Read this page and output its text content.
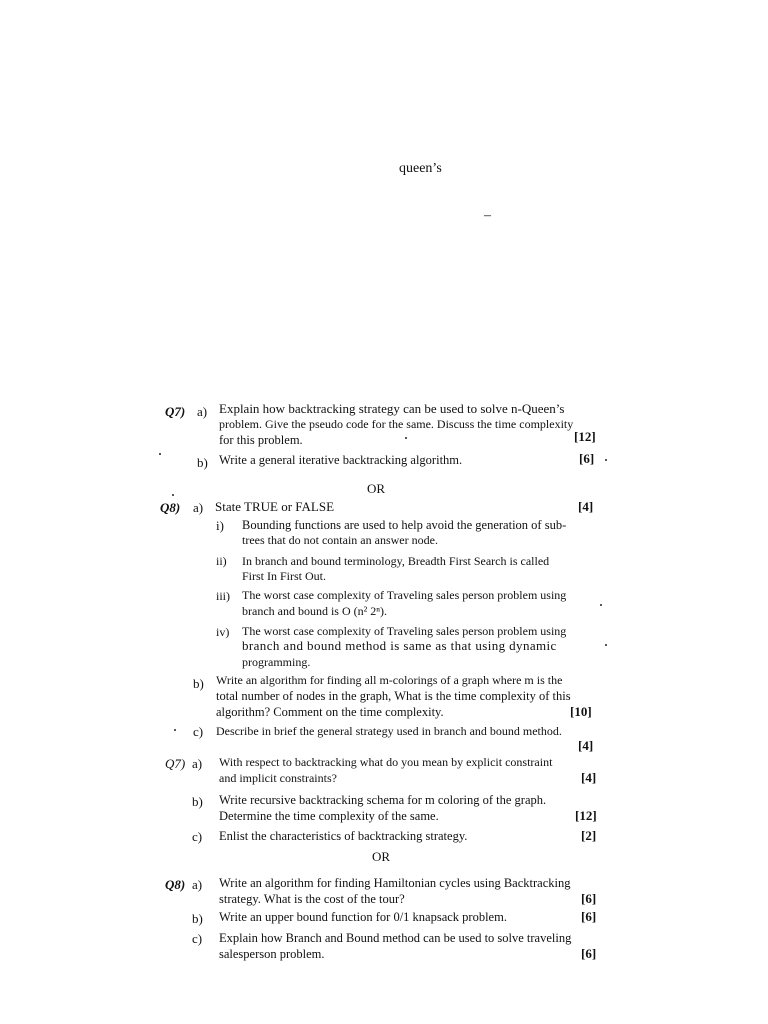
queen’s
–
Q7) a) Explain how backtracking strategy can be used to solve n-Queen’s
problem. Give the pseudo code for the same. Discuss the time complexity
for this problem.	[12]
b) Write a general iterative backtracking algorithm.	[6]
OR
Q8) a) State TRUE or FALSE	[4]
i) Bounding functions are used to help avoid the generation of sub-
trees that do not contain an answer node.
ii) In branch and bound terminology, Breadth First Search is called
First In First Out.
iii) The worst case complexity of Traveling sales person problem using
branch and bound is O (n² 2ⁿ).
iv) The worst case complexity of Traveling sales person problem using
branch and bound method is same as that using dynamic
programming.
b) Write an algorithm for finding all m-colorings of a graph where m is the
total number of nodes in the graph, What is the time complexity of this
algorithm? Comment on the time complexity.	[10]
c) Describe in brief the general strategy used in branch and bound method.
[4]
Q7) a) With respect to backtracking what do you mean by explicit constraint
and implicit constraints?	[4]
b) Write recursive backtracking schema for m coloring of the graph.
Determine the time complexity of the same.	[12]
c) Enlist the characteristics of backtracking strategy.	[2]
OR
Q8) a) Write an algorithm for finding Hamiltonian cycles using Backtracking
strategy. What is the cost of the tour?	[6]
b) Write an upper bound function for 0/1 knapsack problem.	[6]
c) Explain how Branch and Bound method can be used to solve traveling
salesperson problem.	[6]
